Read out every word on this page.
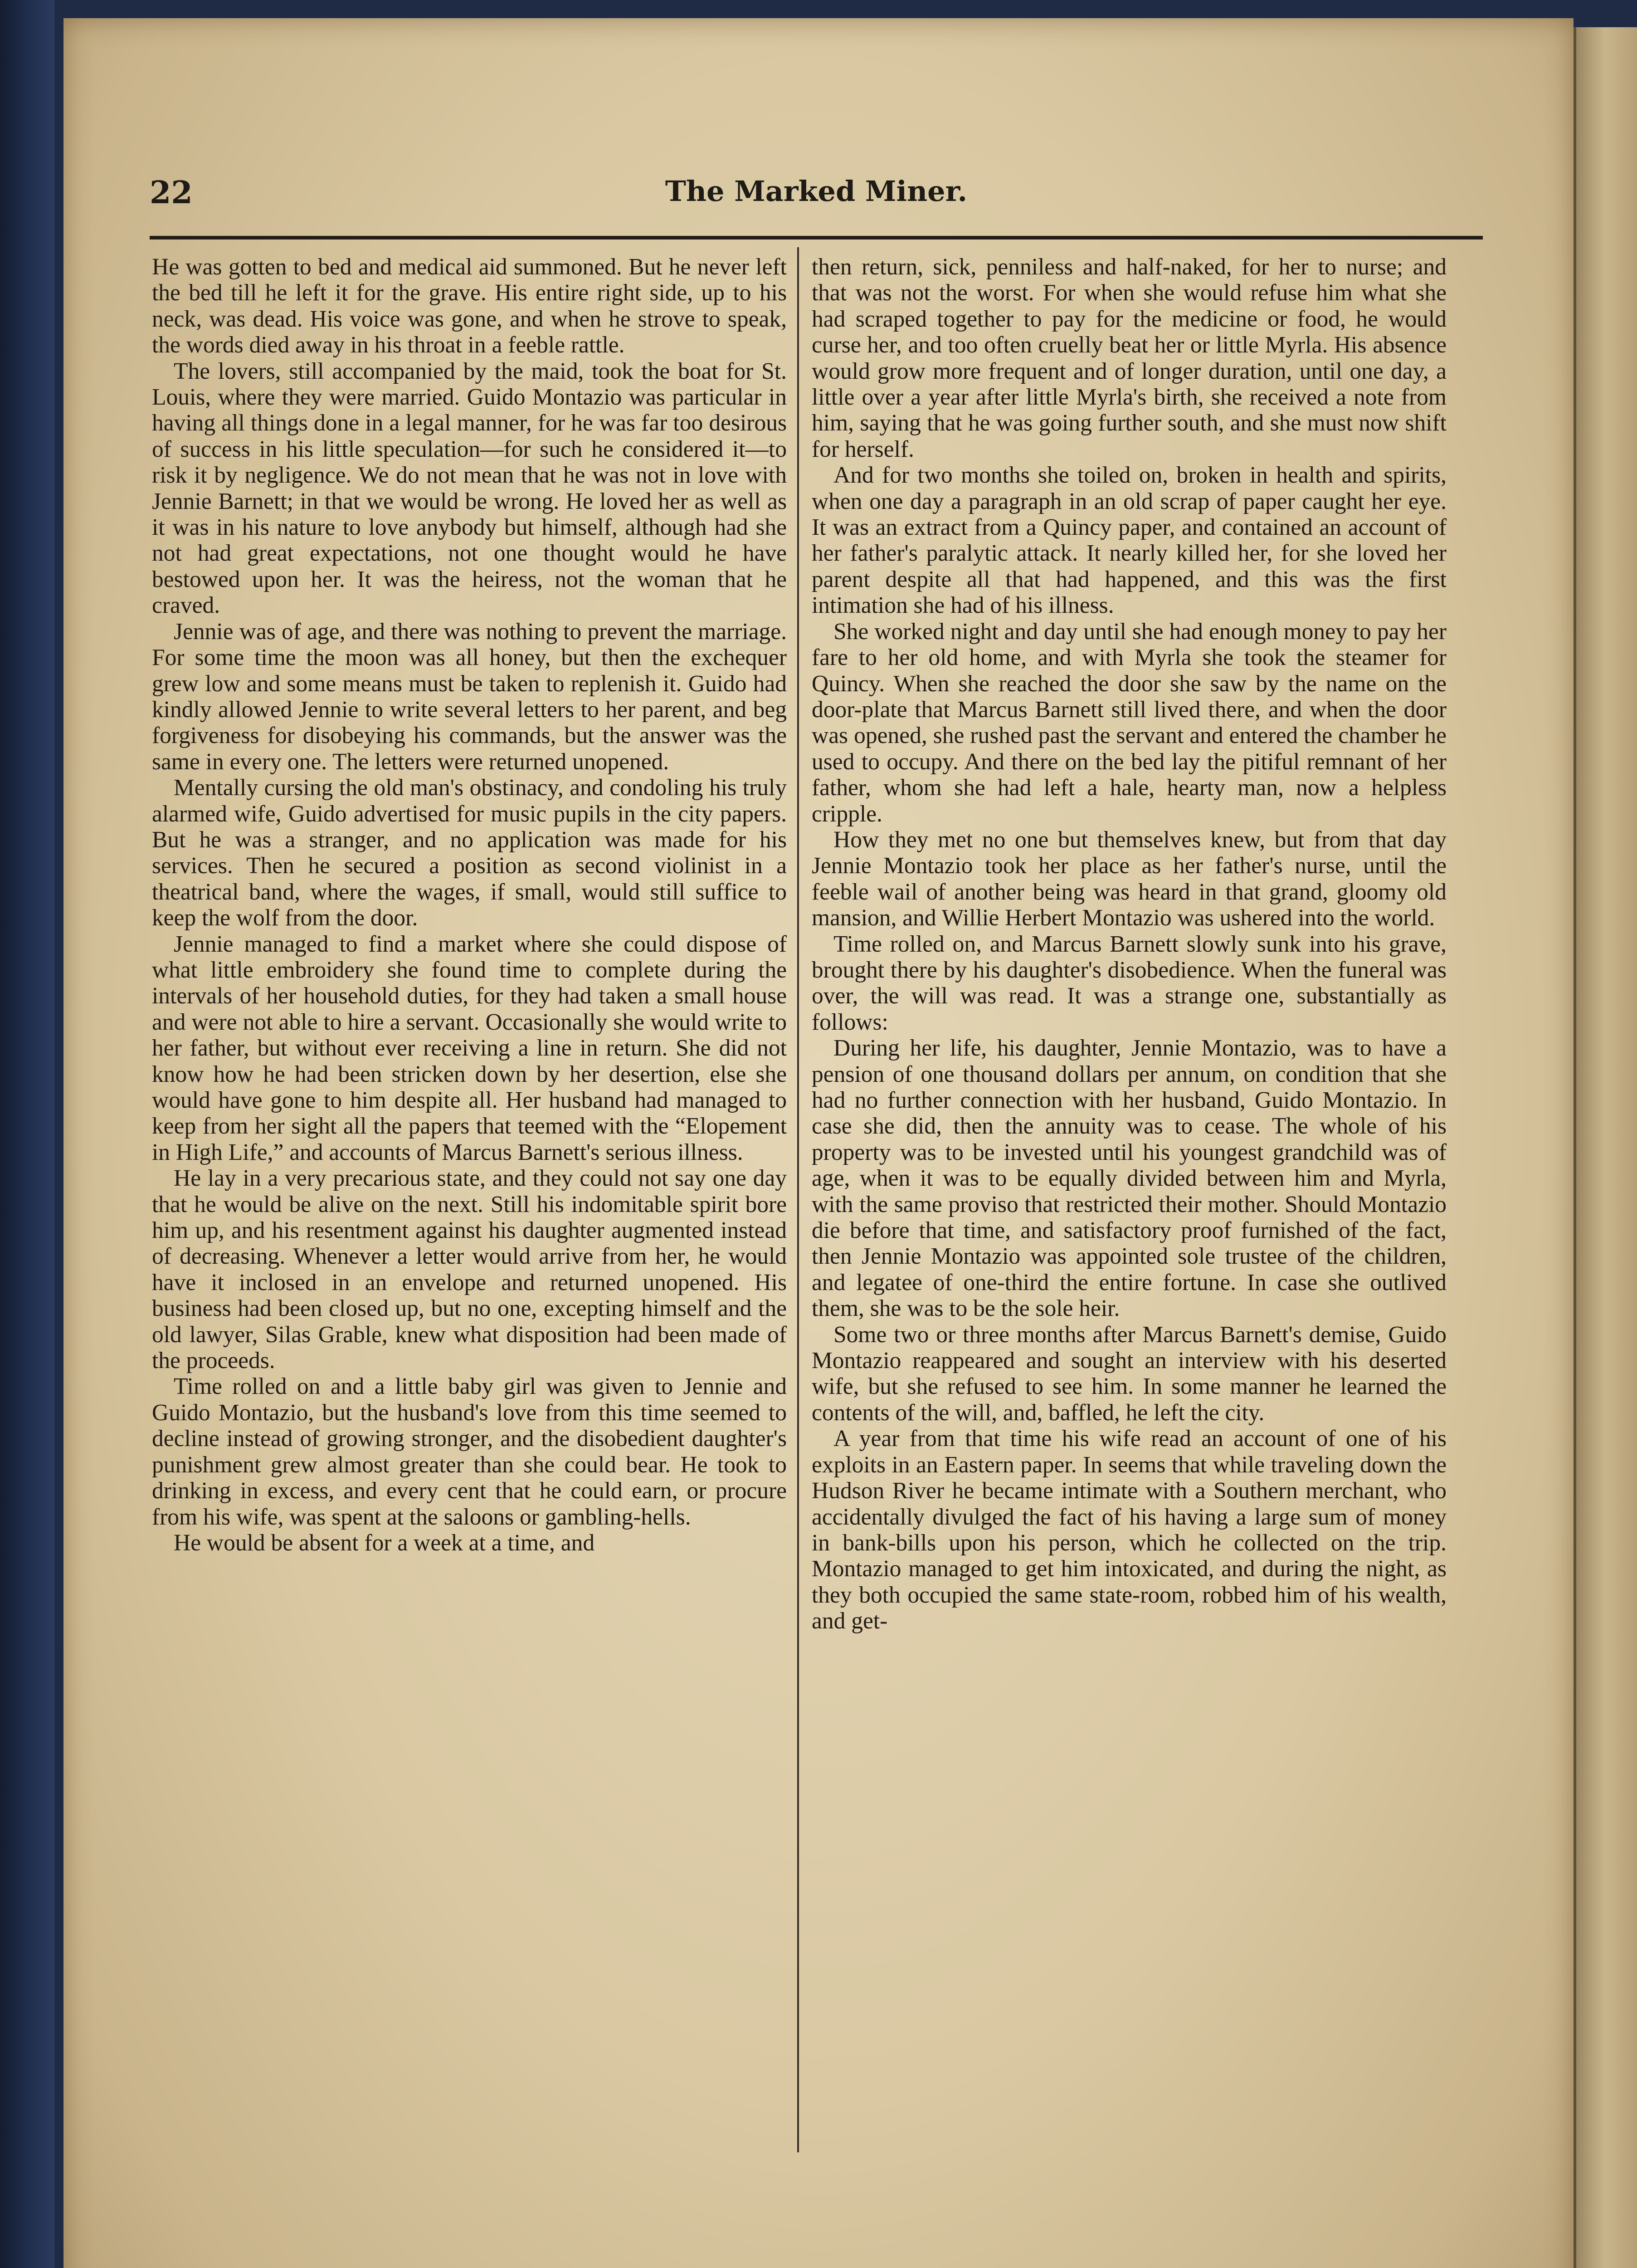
22	The Marked Miner.

He was gotten to bed and medical aid summoned. But he never left the bed till he left it for the grave. His entire right side, up to his neck, was dead. His voice was gone, and when he strove to speak, the words died away in his throat in a feeble rattle.

The lovers, still accompanied by the maid, took the boat for St. Louis, where they were married. Guido Montazio was particular in having all things done in a legal manner, for he was far too desirous of success in his little speculation—for such he considered it—to risk it by negligence. We do not mean that he was not in love with Jennie Barnett; in that we would be wrong. He loved her as well as it was in his nature to love anybody but himself, although had she not had great expectations, not one thought would he have bestowed upon her. It was the heiress, not the woman that he craved.

Jennie was of age, and there was nothing to prevent the marriage. For some time the moon was all honey, but then the exchequer grew low and some means must be taken to replenish it. Guido had kindly allowed Jennie to write several letters to her parent, and beg forgiveness for disobeying his commands, but the answer was the same in every one. The letters were returned unopened.

Mentally cursing the old man's obstinacy, and condoling his truly alarmed wife, Guido advertised for music pupils in the city papers. But he was a stranger, and no application was made for his services. Then he secured a position as second violinist in a theatrical band, where the wages, if small, would still suffice to keep the wolf from the door.

Jennie managed to find a market where she could dispose of what little embroidery she found time to complete during the intervals of her household duties, for they had taken a small house and were not able to hire a servant. Occasionally she would write to her father, but without ever receiving a line in return. She did not know how he had been stricken down by her desertion, else she would have gone to him despite all. Her husband had managed to keep from her sight all the papers that teemed with the “Elopement in High Life,” and accounts of Marcus Barnett's serious illness.

He lay in a very precarious state, and they could not say one day that he would be alive on the next. Still his indomitable spirit bore him up, and his resentment against his daughter augmented instead of decreasing. Whenever a letter would arrive from her, he would have it inclosed in an envelope and returned unopened. His business had been closed up, but no one, excepting himself and the old lawyer, Silas Grable, knew what disposition had been made of the proceeds.

Time rolled on and a little baby girl was given to Jennie and Guido Montazio, but the husband's love from this time seemed to decline instead of growing stronger, and the disobedient daughter's punishment grew almost greater than she could bear. He took to drinking in excess, and every cent that he could earn, or procure from his wife, was spent at the saloons or gambling-hells.

He would be absent for a week at a time, and

then return, sick, penniless and half-naked, for her to nurse; and that was not the worst. For when she would refuse him what she had scraped together to pay for the medicine or food, he would curse her, and too often cruelly beat her or little Myrla. His absence would grow more frequent and of longer duration, until one day, a little over a year after little Myrla's birth, she received a note from him, saying that he was going further south, and she must now shift for herself.

And for two months she toiled on, broken in health and spirits, when one day a paragraph in an old scrap of paper caught her eye. It was an extract from a Quincy paper, and contained an account of her father's paralytic attack. It nearly killed her, for she loved her parent despite all that had happened, and this was the first intimation she had of his illness.

She worked night and day until she had enough money to pay her fare to her old home, and with Myrla she took the steamer for Quincy. When she reached the door she saw by the name on the door-plate that Marcus Barnett still lived there, and when the door was opened, she rushed past the servant and entered the chamber he used to occupy. And there on the bed lay the pitiful remnant of her father, whom she had left a hale, hearty man, now a helpless cripple.

How they met no one but themselves knew, but from that day Jennie Montazio took her place as her father's nurse, until the feeble wail of another being was heard in that grand, gloomy old mansion, and Willie Herbert Montazio was ushered into the world.

Time rolled on, and Marcus Barnett slowly sunk into his grave, brought there by his daughter's disobedience. When the funeral was over, the will was read. It was a strange one, substantially as follows:

During her life, his daughter, Jennie Montazio, was to have a pension of one thousand dollars per annum, on condition that she had no further connection with her husband, Guido Montazio. In case she did, then the annuity was to cease. The whole of his property was to be invested until his youngest grandchild was of age, when it was to be equally divided between him and Myrla, with the same proviso that restricted their mother. Should Montazio die before that time, and satisfactory proof furnished of the fact, then Jennie Montazio was appointed sole trustee of the children, and legatee of one-third the entire fortune. In case she outlived them, she was to be the sole heir.

Some two or three months after Marcus Barnett's demise, Guido Montazio reappeared and sought an interview with his deserted wife, but she refused to see him. In some manner he learned the contents of the will, and, baffled, he left the city.

A year from that time his wife read an account of one of his exploits in an Eastern paper. In seems that while traveling down the Hudson River he became intimate with a Southern merchant, who accidentally divulged the fact of his having a large sum of money in bank-bills upon his person, which he collected on the trip. Montazio managed to get him intoxicated, and during the night, as they both occupied the same state-room, robbed him of his wealth, and get-
